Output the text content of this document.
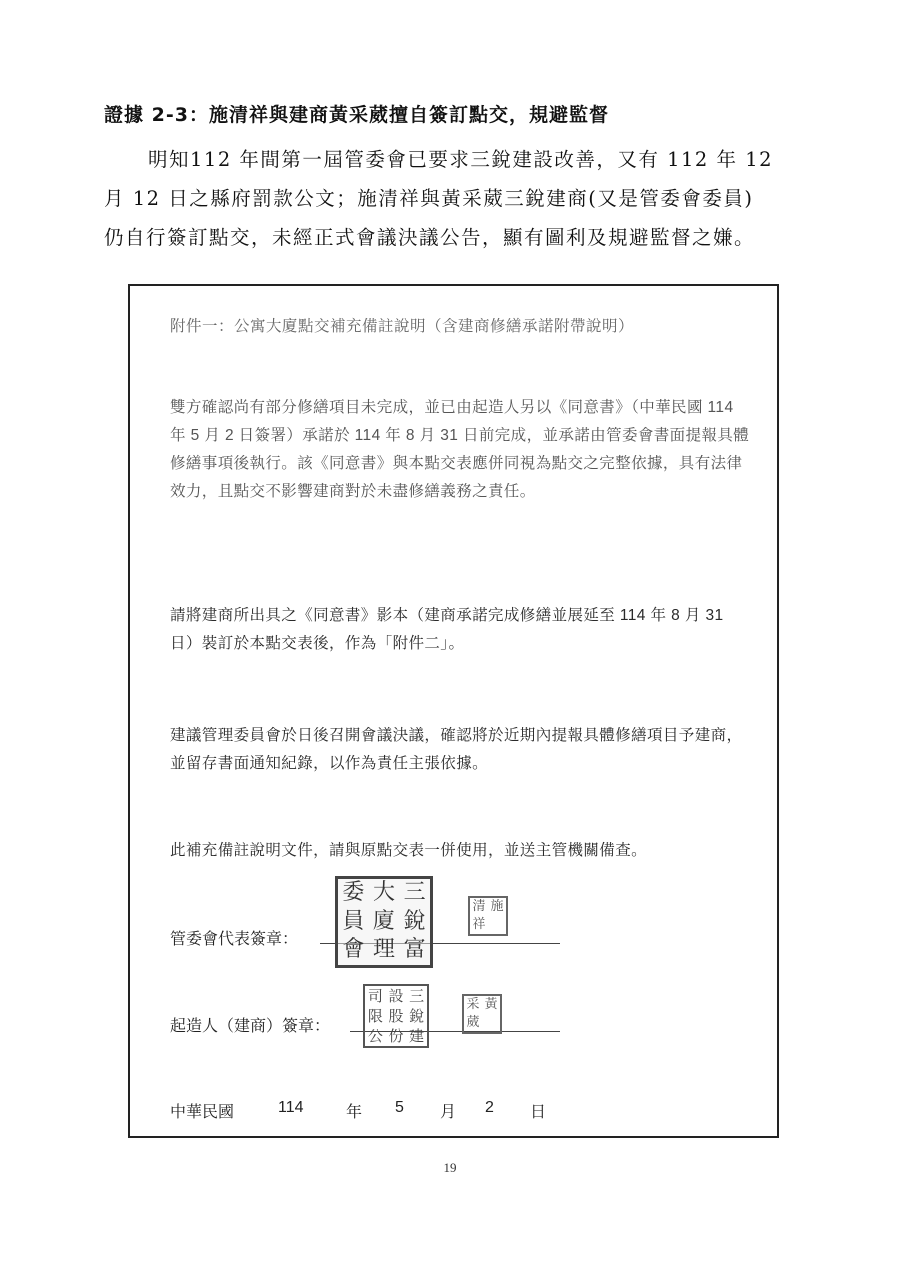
證據 2-3：施清祥與建商黃采葳擅自簽訂點交，規避監督
明知112 年間第一屆管委會已要求三銳建設改善，又有 112 年 12
月 12 日之縣府罰款公文；施清祥與黃采葳三銳建商(又是管委會委員)
仍自行簽訂點交，未經正式會議決議公告，顯有圖利及規避監督之嫌。
附件一：公寓大廈點交補充備註說明（含建商修繕承諾附帶說明）

雙方確認尚有部分修繕項目未完成，並已由起造人另以《同意書》（中華民國 114 年 5 月 2 日簽署）承諾於 114 年 8 月 31 日前完成，並承諾由管委會書面提報具體修繕事項後執行。該《同意書》與本點交表應併同視為點交之完整依據，具有法律效力，且點交不影響建商對於未盡修繕義務之責任。

請將建商所出具之《同意書》影本（建商承諾完成修繕並展延至 114 年 8 月 31 日）裝訂於本點交表後，作為「附件二」。

建議管理委員會於日後召開會議決議，確認將於近期內提報具體修繕項目予建商，並留存書面通知紀錄，以作為責任主張依據。

此補充備註說明文件，請與原點交表一併使用，並送主管機關備查。

管委會代表簽章：
委 大 三
員 廈 銳
會 理 富
清 施
祥
起造人（建商）簽章：
司 設 三
限 股 銳
公 份 建
采 黃
葳
中華民國	114	年 5 月 2 日
19
